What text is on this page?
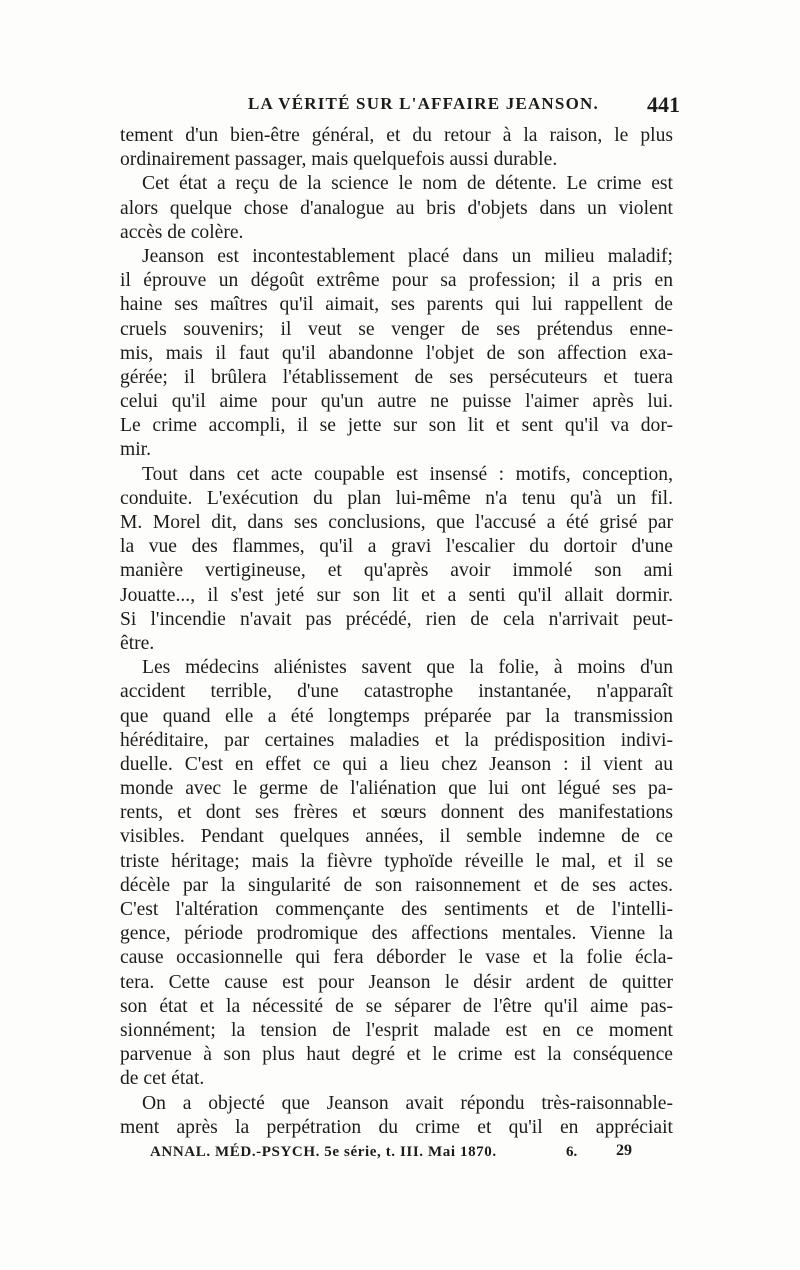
LA VÉRITÉ SUR L'AFFAIRE JEANSON. 441
tement d'un bien-être général, et du retour à la raison, le plus
ordinairement passager, mais quelquefois aussi durable.
Cet état a reçu de la science le nom de détente. Le crime est
alors quelque chose d'analogue au bris d'objets dans un violent
accès de colère.
Jeanson est incontestablement placé dans un milieu maladif;
il éprouve un dégoût extrême pour sa profession; il a pris en
haine ses maîtres qu'il aimait, ses parents qui lui rappellent de
cruels souvenirs; il veut se venger de ses prétendus enne-
mis, mais il faut qu'il abandonne l'objet de son affection exa-
gérée; il brûlera l'établissement de ses persécuteurs et tuera
celui qu'il aime pour qu'un autre ne puisse l'aimer après lui.
Le crime accompli, il se jette sur son lit et sent qu'il va dor-
mir.
Tout dans cet acte coupable est insensé : motifs, conception,
conduite. L'exécution du plan lui-même n'a tenu qu'à un fil.
M. Morel dit, dans ses conclusions, que l'accusé a été grisé par
la vue des flammes, qu'il a gravi l'escalier du dortoir d'une
manière vertigineuse, et qu'après avoir immolé son ami
Jouatte..., il s'est jeté sur son lit et a senti qu'il allait dormir.
Si l'incendie n'avait pas précédé, rien de cela n'arrivait peut-
être.
Les médecins aliénistes savent que la folie, à moins d'un
accident terrible, d'une catastrophe instantanée, n'apparaît
que quand elle a été longtemps préparée par la transmission
héréditaire, par certaines maladies et la prédisposition indivi-
duelle. C'est en effet ce qui a lieu chez Jeanson : il vient au
monde avec le germe de l'aliénation que lui ont légué ses pa-
rents, et dont ses frères et sœurs donnent des manifestations
visibles. Pendant quelques années, il semble indemne de ce
triste héritage; mais la fièvre typhoïde réveille le mal, et il se
décèle par la singularité de son raisonnement et de ses actes.
C'est l'altération commençante des sentiments et de l'intelli-
gence, période prodromique des affections mentales. Vienne la
cause occasionnelle qui fera déborder le vase et la folie écla-
tera. Cette cause est pour Jeanson le désir ardent de quitter
son état et la nécessité de se séparer de l'être qu'il aime pas-
sionnément; la tension de l'esprit malade est en ce moment
parvenue à son plus haut degré et le crime est la conséquence
de cet état.
On a objecté que Jeanson avait répondu très-raisonnable-
ment après la perpétration du crime et qu'il en appréciait
ANNAL. MÉD.-PSYCH. 5e série, t. III. Mai 1870.	6. 29
